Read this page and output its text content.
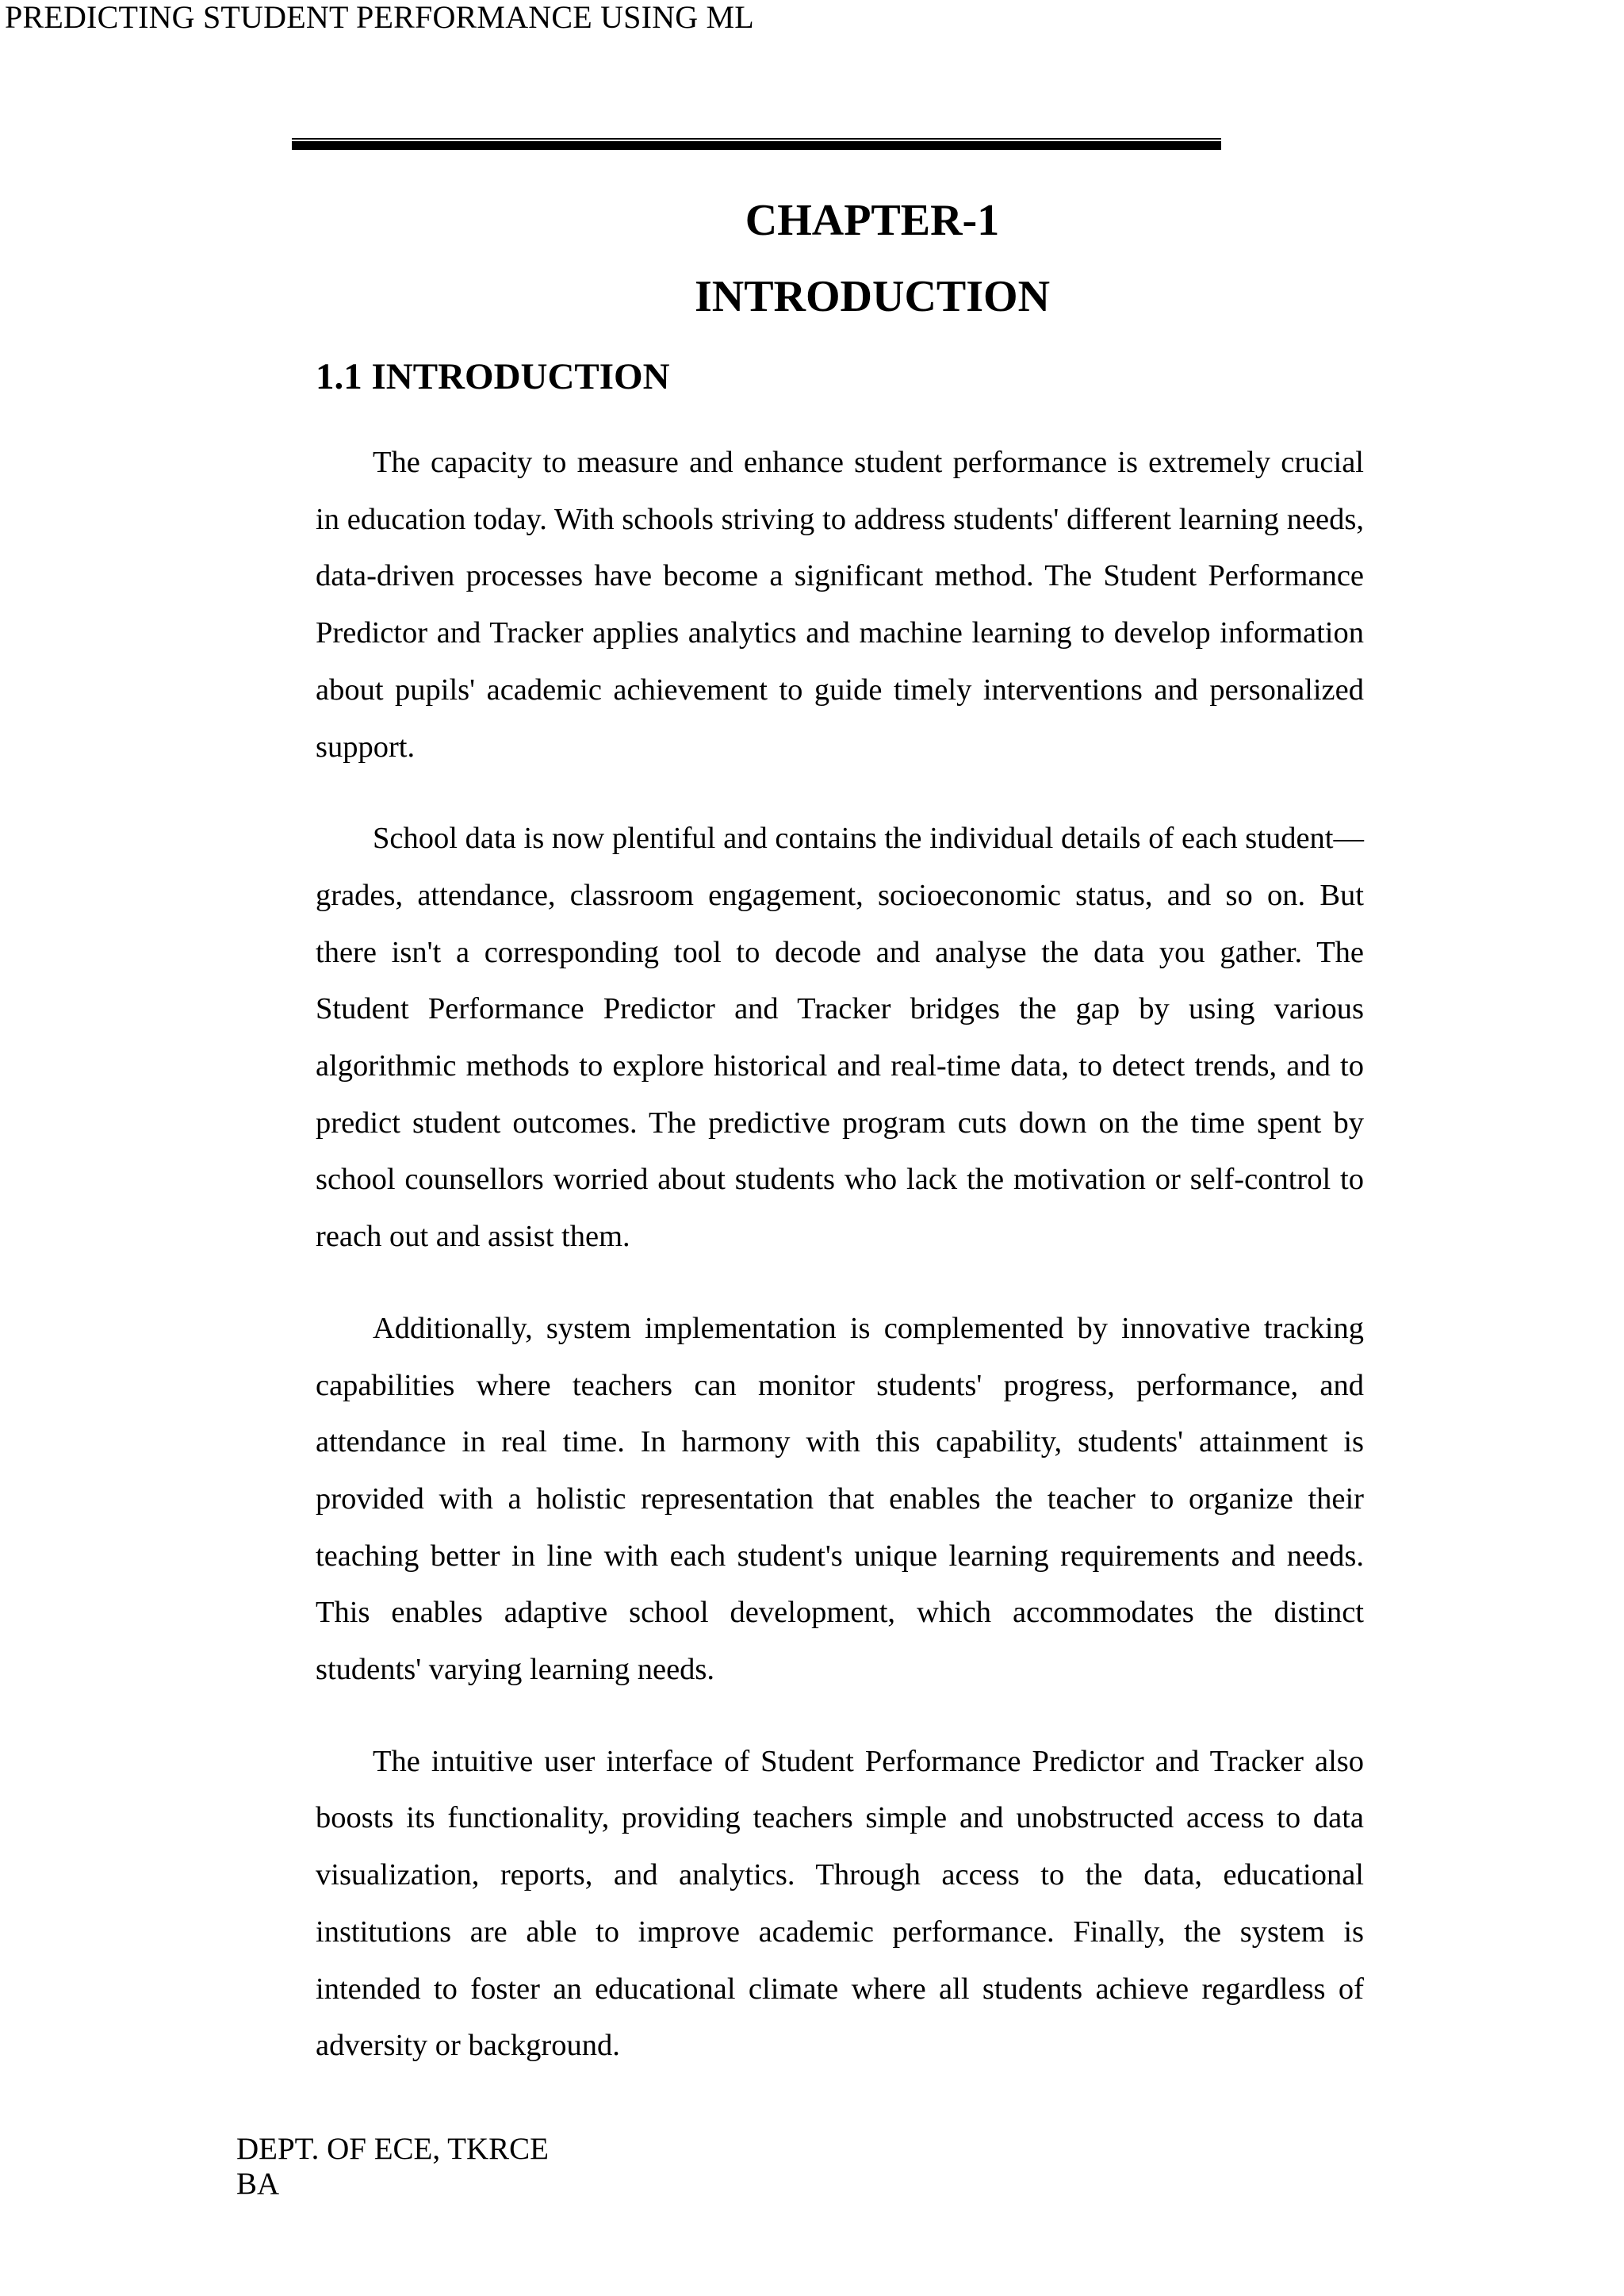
PREDICTING STUDENT PERFORMANCE USING ML
CHAPTER-1
INTRODUCTION
1.1 INTRODUCTION

The capacity to measure and enhance student performance is extremely crucial in education today. With schools striving to address students' different learning needs, data-driven processes have become a significant method. The Student Performance Predictor and Tracker applies analytics and machine learning to develop information about pupils' academic achievement to guide timely interventions and personalized support.

School data is now plentiful and contains the individual details of each student— grades, attendance, classroom engagement, socioeconomic status, and so on. But there isn't a corresponding tool to decode and analyse the data you gather. The Student Performance Predictor and Tracker bridges the gap by using various algorithmic methods to explore historical and real-time data, to detect trends, and to predict student outcomes. The predictive program cuts down on the time spent by school counsellors worried about students who lack the motivation or self-control to reach out and assist them.

Additionally, system implementation is complemented by innovative tracking capabilities where teachers can monitor students' progress, performance, and attendance in real time. In harmony with this capability, students' attainment is provided with a holistic representation that enables the teacher to organize their teaching better in line with each student's unique learning requirements and needs. This enables adaptive school development, which accommodates the distinct students' varying learning needs.

The intuitive user interface of Student Performance Predictor and Tracker also boosts its functionality, providing teachers simple and unobstructed access to data visualization, reports, and analytics. Through access to the data, educational institutions are able to improve academic performance. Finally, the system is intended to foster an educational climate where all students achieve regardless of adversity or background.

DEPT. OF ECE, TKRCE
BA
